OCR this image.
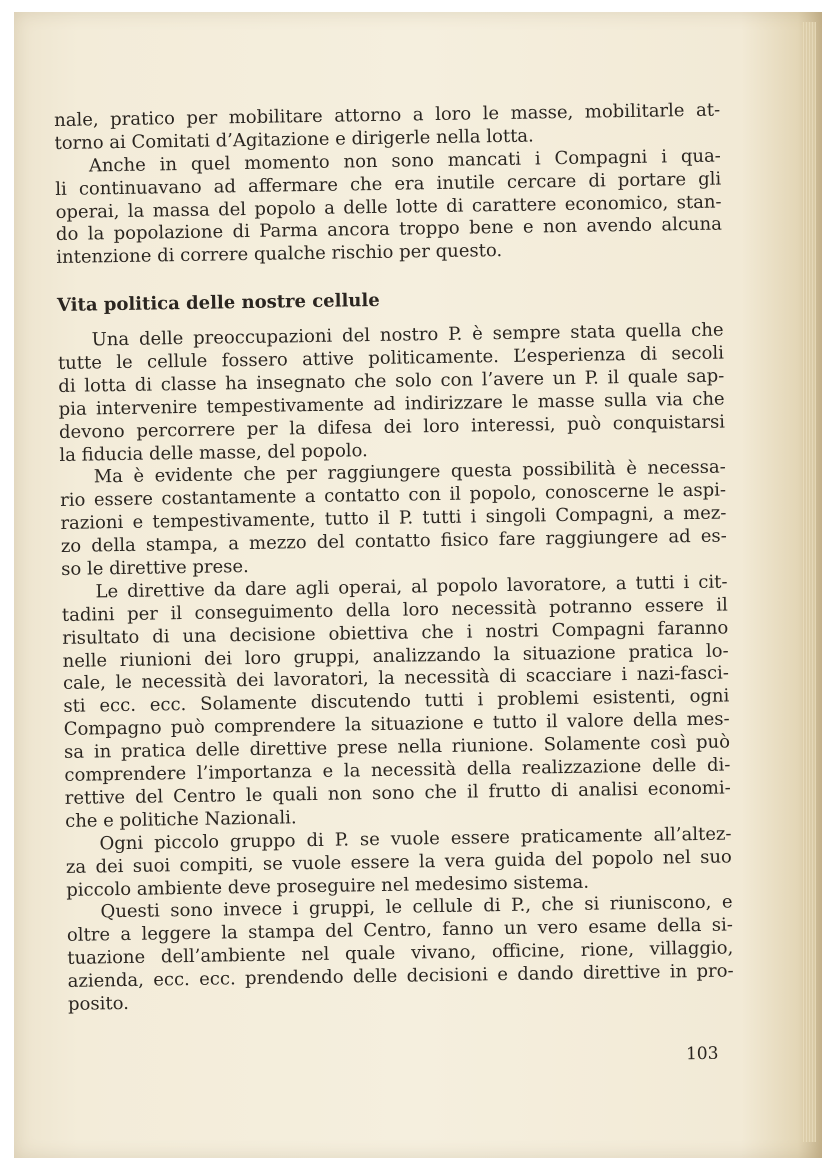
nale, pratico per mobilitare attorno a loro le masse, mobilitarle at-
torno ai Comitati d’Agitazione e dirigerle nella lotta.
Anche in quel momento non sono mancati i Compagni i qua-
li continuavano ad affermare che era inutile cercare di portare gli
operai, la massa del popolo a delle lotte di carattere economico, stan-
do la popolazione di Parma ancora troppo bene e non avendo alcuna
intenzione di correre qualche rischio per questo.
Vita politica delle nostre cellule
Una delle preoccupazioni del nostro P. è sempre stata quella che
tutte le cellule fossero attive politicamente. L’esperienza di secoli
di lotta di classe ha insegnato che solo con l’avere un P. il quale sap-
pia intervenire tempestivamente ad indirizzare le masse sulla via che
devono percorrere per la difesa dei loro interessi, può conquistarsi
la fiducia delle masse, del popolo.
Ma è evidente che per raggiungere questa possibilità è necessa-
rio essere costantamente a contatto con il popolo, conoscerne le aspi-
razioni e tempestivamente, tutto il P. tutti i singoli Compagni, a mez-
zo della stampa, a mezzo del contatto fisico fare raggiungere ad es-
so le direttive prese.
Le direttive da dare agli operai, al popolo lavoratore, a tutti i cit-
tadini per il conseguimento della loro necessità potranno essere il
risultato di una decisione obiettiva che i nostri Compagni faranno
nelle riunioni dei loro gruppi, analizzando la situazione pratica lo-
cale, le necessità dei lavoratori, la necessità di scacciare i nazi-fasci-
sti ecc. ecc. Solamente discutendo tutti i problemi esistenti, ogni
Compagno può comprendere la situazione e tutto il valore della mes-
sa in pratica delle direttive prese nella riunione. Solamente così può
comprendere l’importanza e la necessità della realizzazione delle di-
rettive del Centro le quali non sono che il frutto di analisi economi-
che e politiche Nazionali.
Ogni piccolo gruppo di P. se vuole essere praticamente all’altez-
za dei suoi compiti, se vuole essere la vera guida del popolo nel suo
piccolo ambiente deve proseguire nel medesimo sistema.
Questi sono invece i gruppi, le cellule di P., che si riuniscono, e
oltre a leggere la stampa del Centro, fanno un vero esame della si-
tuazione dell’ambiente nel quale vivano, officine, rione, villaggio,
azienda, ecc. ecc. prendendo delle decisioni e dando direttive in pro-
posito.
103
